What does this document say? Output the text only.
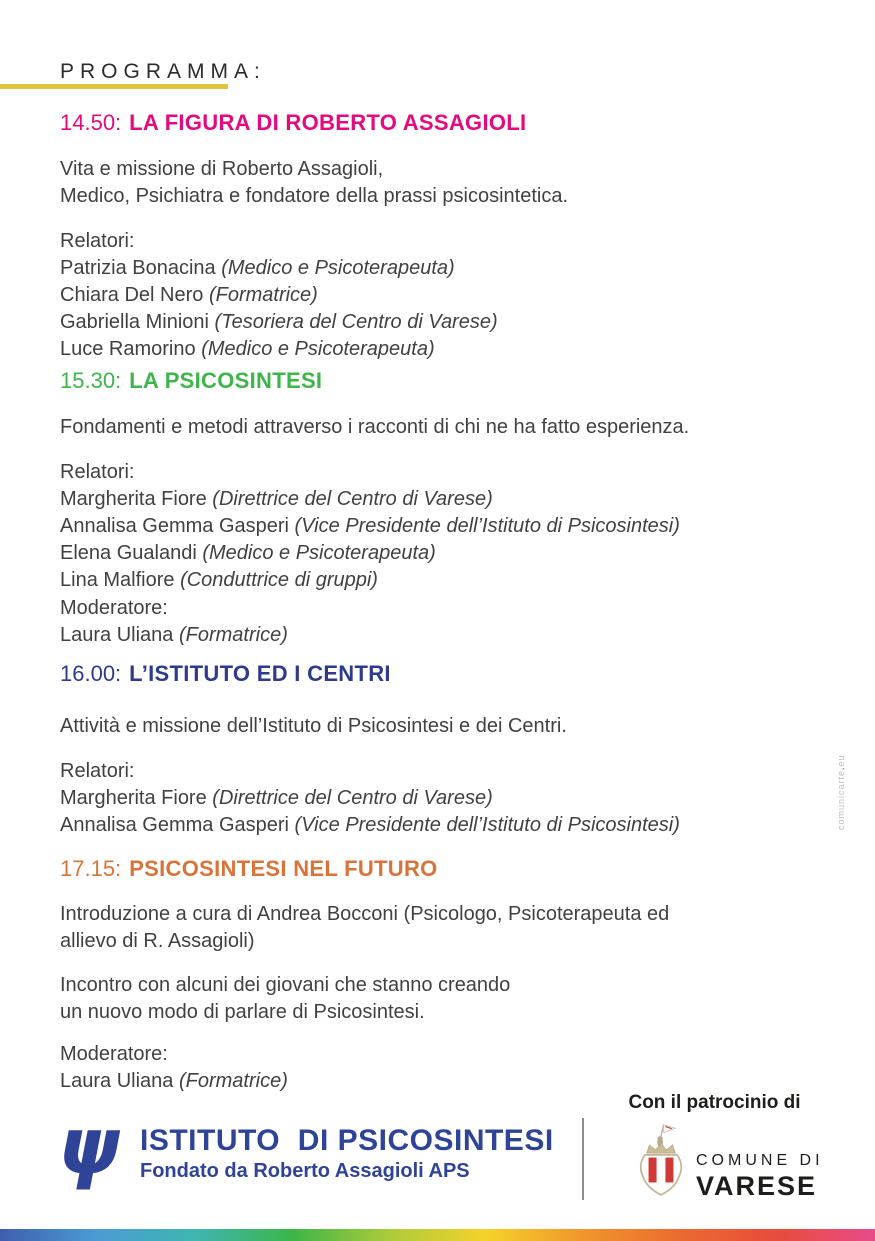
PROGRAMMA:
14.50: LA FIGURA DI ROBERTO ASSAGIOLI
Vita e missione di Roberto Assagioli,
Medico, Psichiatra e fondatore della prassi psicosintetica.
Relatori:
Patrizia Bonacina (Medico e Psicoterapeuta)
Chiara Del Nero (Formatrice)
Gabriella Minioni (Tesoriera del Centro di Varese)
Luce Ramorino (Medico e Psicoterapeuta)
15.30: LA PSICOSINTESI
Fondamenti e metodi attraverso i racconti di chi ne ha fatto esperienza.
Relatori:
Margherita Fiore (Direttrice del Centro di Varese)
Annalisa Gemma Gasperi (Vice Presidente dell’Istituto di Psicosintesi)
Elena Gualandi (Medico e Psicoterapeuta)
Lina Malfiore (Conduttrice di gruppi)
Moderatore:
Laura Uliana (Formatrice)
16.00: L’ISTITUTO ED I CENTRI
Attività e missione dell’Istituto di Psicosintesi e dei Centri.
Relatori:
Margherita Fiore (Direttrice del Centro di Varese)
Annalisa Gemma Gasperi (Vice Presidente dell’Istituto di Psicosintesi)
17.15: PSICOSINTESI NEL FUTURO
Introduzione a cura di Andrea Bocconi (Psicologo, Psicoterapeuta ed
allievo di R. Assagioli)
Incontro con alcuni dei giovani che stanno creando
un nuovo modo di parlare di Psicosintesi.
Moderatore:
Laura Uliana (Formatrice)
comunicarte.eu
ψ ISTITUTO  DI PSICOSINTESI
Fondato da Roberto Assagioli APS
Con il patrocinio di
COMUNE DI
VARESE
